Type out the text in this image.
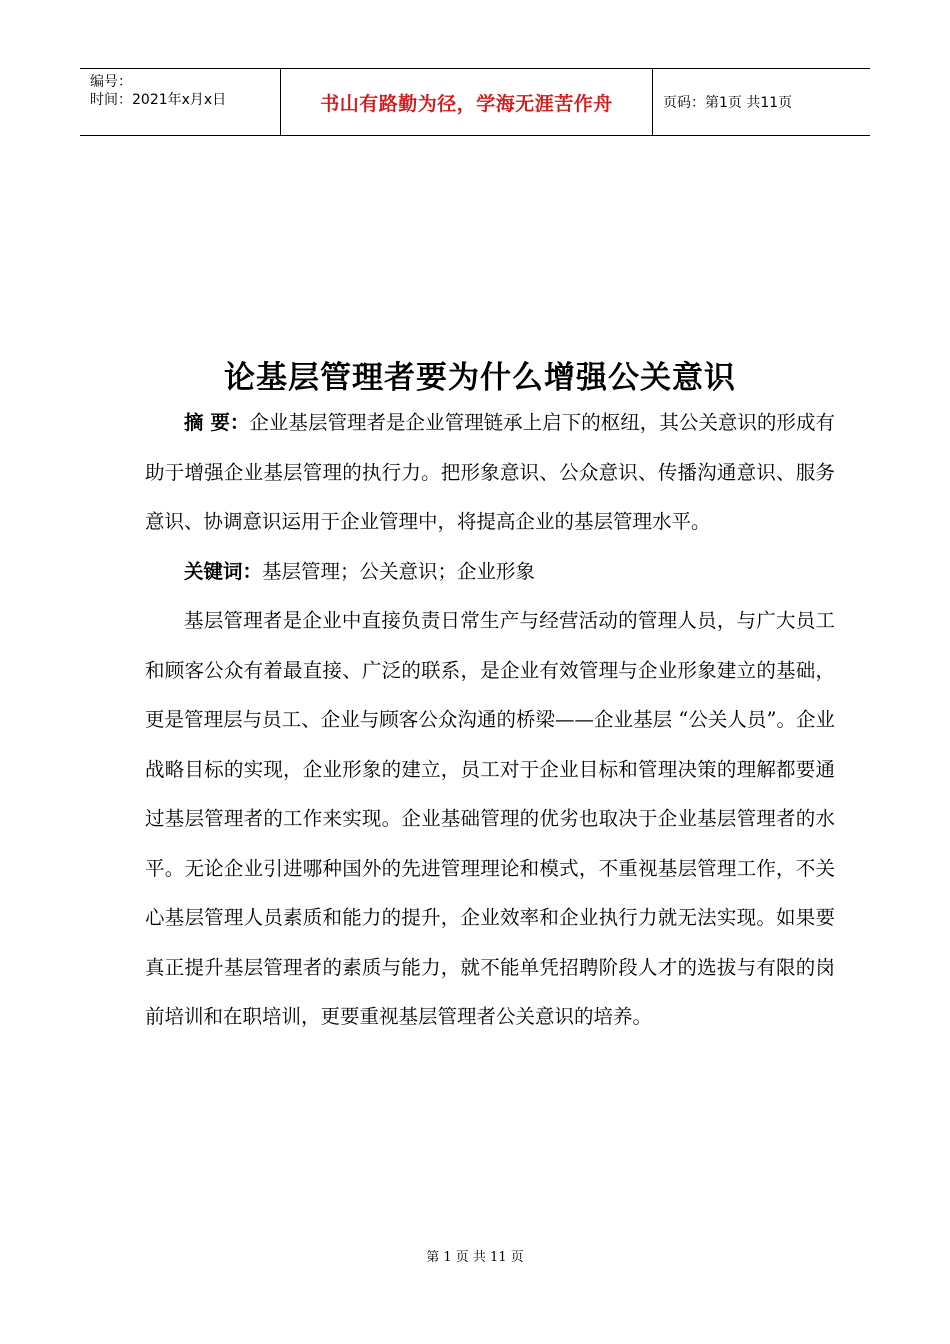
编号：
时间：2021年x月x日	书山有路勤为径，学海无涯苦作舟	页码：第1页 共11页
论基层管理者要为什么增强公关意识

摘 要：企业基层管理者是企业管理链承上启下的枢纽，其公关意识的形成有助于增强企业基层管理的执行力。把形象意识、公众意识、传播沟通意识、服务意识、协调意识运用于企业管理中，将提高企业的基层管理水平。

关键词：基层管理；公关意识；企业形象

基层管理者是企业中直接负责日常生产与经营活动的管理人员，与广大员工和顾客公众有着最直接、广泛的联系，是企业有效管理与企业形象建立的基础，更是管理层与员工、企业与顾客公众沟通的桥梁——企业基层 “公关人员”。企业战略目标的实现，企业形象的建立，员工对于企业目标和管理决策的理解都要通过基层管理者的工作来实现。企业基础管理的优劣也取决于企业基层管理者的水平。无论企业引进哪种国外的先进管理理论和模式，不重视基层管理工作，不关心基层管理人员素质和能力的提升，企业效率和企业执行力就无法实现。如果要真正提升基层管理者的素质与能力，就不能单凭招聘阶段人才的选拔与有限的岗前培训和在职培训，更要重视基层管理者公关意识的培养。

第 1 页 共 11 页
